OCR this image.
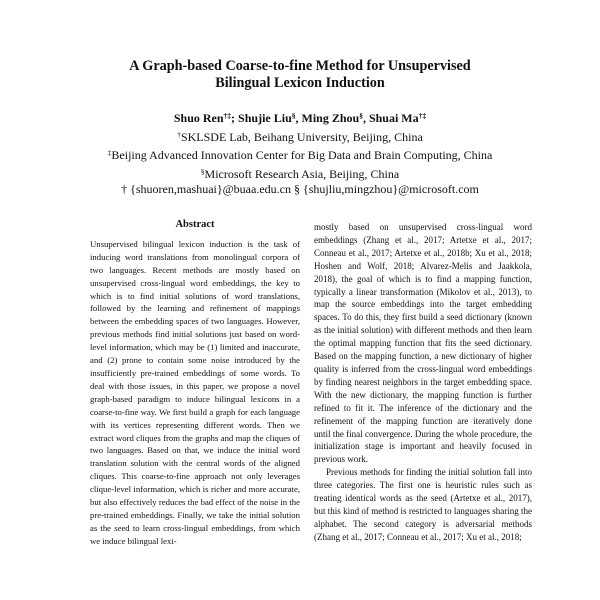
A Graph-based Coarse-to-fine Method for Unsupervised
Bilingual Lexicon Induction
Shuo Ren†‡; Shujie Liu§, Ming Zhou§, Shuai Ma†‡
†SKLSDE Lab, Beihang University, Beijing, China
‡Beijing Advanced Innovation Center for Big Data and Brain Computing, China
§Microsoft Research Asia, Beijing, China
† {shuoren,mashuai}@buaa.edu.cn § {shujliu,mingzhou}@microsoft.com
Abstract
Unsupervised bilingual lexicon induction is the task of inducing word translations from monolingual corpora of two languages. Recent methods are mostly based on unsupervised cross-lingual word embeddings, the key to which is to find initial solutions of word translations, followed by the learning and refinement of mappings between the embedding spaces of two languages. However, previous methods find initial solutions just based on word-level information, which may be (1) limited and inaccurate, and (2) prone to contain some noise introduced by the insufficiently pre-trained embeddings of some words. To deal with those issues, in this paper, we propose a novel graph-based paradigm to induce bilingual lexicons in a coarse-to-fine way. We first build a graph for each language with its vertices representing different words. Then we extract word cliques from the graphs and map the cliques of two languages. Based on that, we induce the initial word translation solution with the central words of the aligned cliques. This coarse-to-fine approach not only leverages clique-level information, which is richer and more accurate, but also effectively reduces the bad effect of the noise in the pre-trained embeddings. Finally, we take the initial solution as the seed to learn cross-lingual embeddings, from which we induce bilingual lexi-

mostly based on unsupervised cross-lingual word embeddings (Zhang et al., 2017; Artetxe et al., 2017; Conneau et al., 2017; Artetxe et al., 2018b; Xu et al., 2018; Hoshen and Wolf, 2018; Alvarez-Melis and Jaakkola, 2018), the goal of which is to find a mapping function, typically a linear transformation (Mikolov et al., 2013), to map the source embeddings into the target embedding spaces. To do this, they first build a seed dictionary (known as the initial solution) with different methods and then learn the optimal mapping function that fits the seed dictionary. Based on the mapping function, a new dictionary of higher quality is inferred from the cross-lingual word embeddings by finding nearest neighbors in the target embedding space. With the new dictionary, the mapping function is further refined to fit it. The inference of the dictionary and the refinement of the mapping function are iteratively done until the final convergence. During the whole procedure, the initialization stage is important and heavily focused in previous work.

Previous methods for finding the initial solution fall into three categories. The first one is heuristic rules such as treating identical words as the seed (Artetxe et al., 2017), but this kind of method is restricted to languages sharing the alphabet. The second category is adversarial methods (Zhang et al., 2017; Conneau et al., 2017; Xu et al., 2018;
